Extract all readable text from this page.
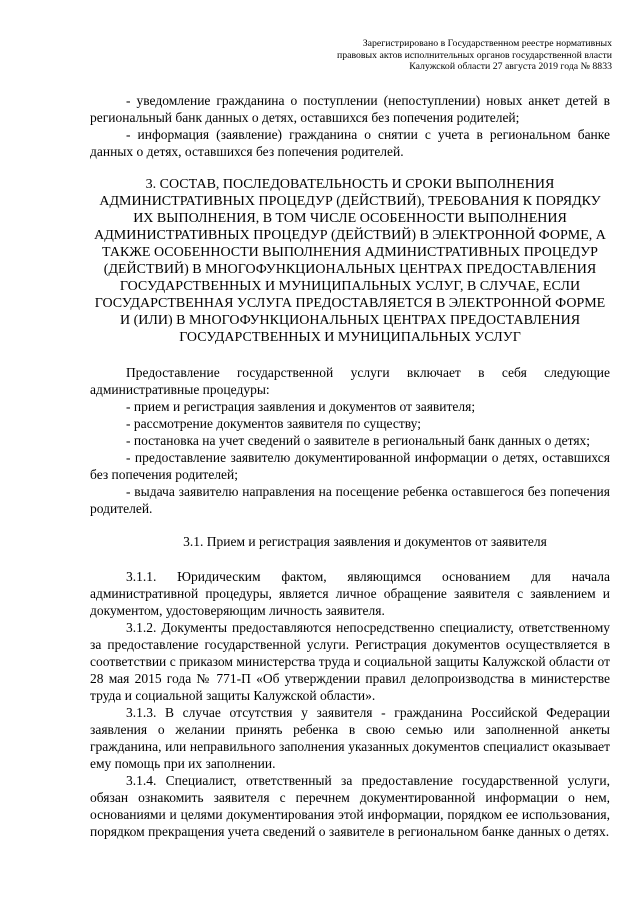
Зарегистрировано в Государственном реестре нормативных
правовых актов исполнительных органов государственной власти
Калужской области 27 августа 2019 года № 8833

- уведомление гражданина о поступлении (непоступлении) новых анкет детей в региональный банк данных о детях, оставшихся без попечения родителей;

- информация (заявление) гражданина о снятии с учета в региональном банке данных о детях, оставшихся без попечения родителей.

3. СОСТАВ, ПОСЛЕДОВАТЕЛЬНОСТЬ И СРОКИ ВЫПОЛНЕНИЯ
АДМИНИСТРАТИВНЫХ ПРОЦЕДУР (ДЕЙСТВИЙ), ТРЕБОВАНИЯ К ПОРЯДКУ
ИХ ВЫПОЛНЕНИЯ, В ТОМ ЧИСЛЕ ОСОБЕННОСТИ ВЫПОЛНЕНИЯ
АДМИНИСТРАТИВНЫХ ПРОЦЕДУР (ДЕЙСТВИЙ) В ЭЛЕКТРОННОЙ ФОРМЕ, А
ТАКЖЕ ОСОБЕННОСТИ ВЫПОЛНЕНИЯ АДМИНИСТРАТИВНЫХ ПРОЦЕДУР
(ДЕЙСТВИЙ) В МНОГОФУНКЦИОНАЛЬНЫХ ЦЕНТРАХ ПРЕДОСТАВЛЕНИЯ
ГОСУДАРСТВЕННЫХ И МУНИЦИПАЛЬНЫХ УСЛУГ, В СЛУЧАЕ, ЕСЛИ
ГОСУДАРСТВЕННАЯ УСЛУГА ПРЕДОСТАВЛЯЕТСЯ В ЭЛЕКТРОННОЙ ФОРМЕ
И (ИЛИ) В МНОГОФУНКЦИОНАЛЬНЫХ ЦЕНТРАХ ПРЕДОСТАВЛЕНИЯ
ГОСУДАРСТВЕННЫХ И МУНИЦИПАЛЬНЫХ УСЛУГ

Предоставление государственной услуги включает в себя следующие административные процедуры:

- прием и регистрация заявления и документов от заявителя;

- рассмотрение документов заявителя по существу;

- постановка на учет сведений о заявителе в региональный банк данных о детях;

- предоставление заявителю документированной информации о детях, оставшихся без попечения родителей;

- выдача заявителю направления на посещение ребенка оставшегося без попечения родителей.

3.1. Прием и регистрация заявления и документов от заявителя

3.1.1. Юридическим фактом, являющимся основанием для начала административной процедуры, является личное обращение заявителя с заявлением и документом, удостоверяющим личность заявителя.

3.1.2. Документы предоставляются непосредственно специалисту, ответственному за предоставление государственной услуги. Регистрация документов осуществляется в соответствии с приказом министерства труда и социальной защиты Калужской области от 28 мая 2015 года № 771-П «Об утверждении правил делопроизводства в министерстве труда и социальной защиты Калужской области».

3.1.3. В случае отсутствия у заявителя - гражданина Российской Федерации заявления о желании принять ребенка в свою семью или заполненной анкеты гражданина, или неправильного заполнения указанных документов специалист оказывает ему помощь при их заполнении.

3.1.4. Специалист, ответственный за предоставление государственной услуги, обязан ознакомить заявителя с перечнем документированной информации о нем, основаниями и целями документирования этой информации, порядком ее использования, порядком прекращения учета сведений о заявителе в региональном банке данных о детях.
